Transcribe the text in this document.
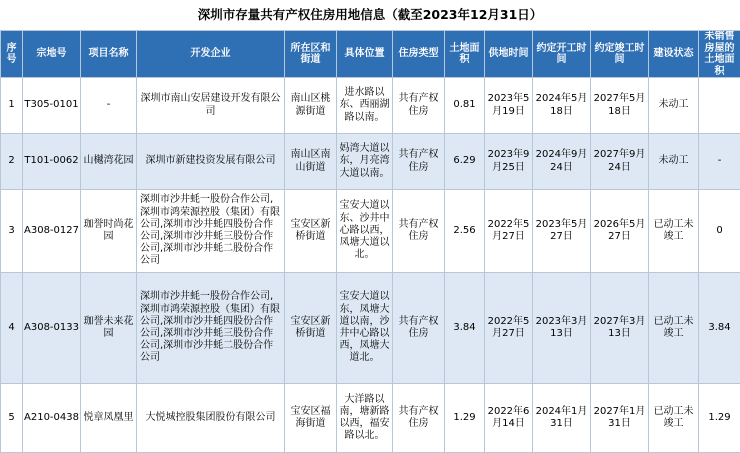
深圳市存量共有产权住房用地信息（截至2023年12月31日）
序号	宗地号	项目名称	开发企业	所在区和街道	具体位置	住房类型	土地面积	供地时间	约定开工时间	约定竣工时间	建设状态	未销售房屋的土地面积
1	T305-0101	-	深圳市南山安居建设开发有限公司	南山区桃源街道	进水路以东、西丽湖路以南。	共有产权住房	0.81	2023年5月19日	2024年5月18日	2027年5月18日	未动工	
2	T101-0062	山樾湾花园	深圳市新建投资发展有限公司	南山区南山街道	妈湾大道以东，月亮湾大道以南。	共有产权住房	6.29	2023年9月25日	2024年9月24日	2027年9月24日	未动工	-
3	A308-0127	珈誉时尚花园	深圳市沙井蚝一股份合作公司,深圳市鸿荣源控股（集团）有限公司,深圳市沙井蚝四股份合作公司,深圳市沙井蚝三股份合作公司,深圳市沙井蚝二股份合作公司	宝安区新桥街道	宝安大道以东、沙井中心路以西，凤塘大道以北。	共有产权住房	2.56	2022年5月27日	2023年5月27日	2026年5月27日	已动工未竣工	0
4	A308-0133	珈誉未来花园	深圳市沙井蚝一股份合作公司,深圳市鸿荣源控股（集团）有限公司,深圳市沙井蚝四股份合作公司,深圳市沙井蚝三股份合作公司,深圳市沙井蚝二股份合作公司	宝安区新桥街道	宝安大道以东，凤塘大道以南，沙井中心路以西，凤塘大道北。	共有产权住房	3.84	2022年5月27日	2023年3月13日	2027年3月13日	已动工未竣工	3.84
5	A210-0438	悦章凤凰里	大悦城控股集团股份有限公司	宝安区福海街道	大洋路以南，塘新路以西，福安路以北。	共有产权住房	1.29	2022年6月14日	2024年1月31日	2027年1月31日	已动工未竣工	1.29
